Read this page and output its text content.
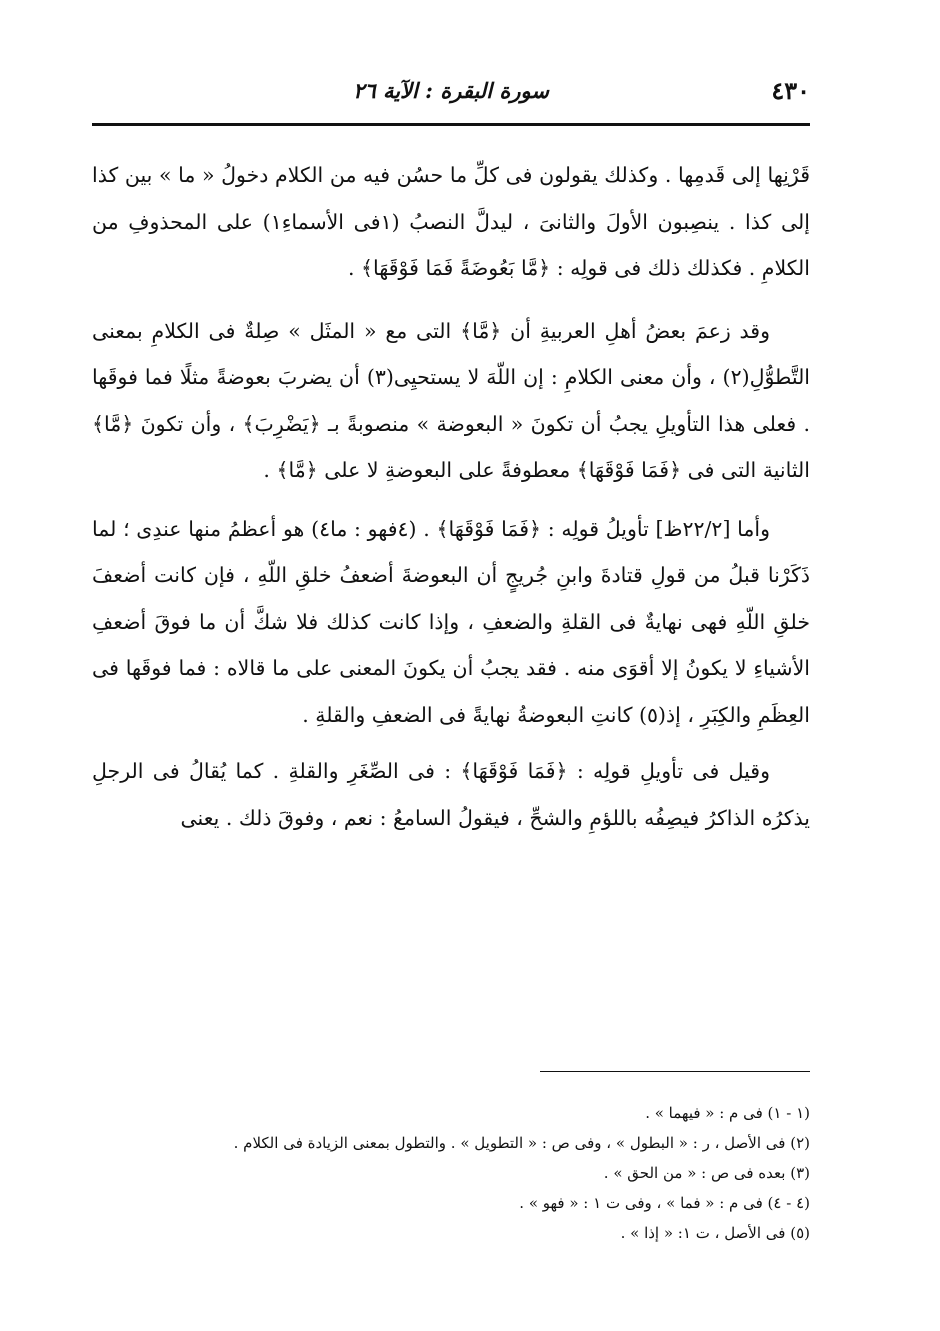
٤٣٠
سورة البقرة : الآية ٢٦

قَرْنِها إلى قَدمِها . وكذلك يقولون فى كلِّ ما حسُن فيه من الكلام دخولُ « ما » بين كذا إلى كذا . ينصِبون الأولَ والثانىَ ، ليدلَّ النصبُ (١فى الأسماءِ١) على المحذوفِ من الكلامِ . فكذلك ذلك فى قولِه : ﴿مَّا بَعُوضَةً فَمَا فَوْقَهَا﴾ .

وقد زعمَ بعضُ أهلِ العربيةِ أن ﴿مَّا﴾ التى مع « المثَل » صِلةٌ فى الكلامِ بمعنى التَّطوُّلِ(٢) ، وأن معنى الكلامِ : إن اللّهَ لا يستحيِى(٣) أن يضربَ بعوضةً مثلًا فما فوقَها . فعلى هذا التأويلِ يجبُ أن تكونَ « البعوضة » منصوبةً بـ ﴿يَضْرِبَ﴾ ، وأن تكونَ ﴿مَّا﴾ الثانية التى فى ﴿فَمَا فَوْقَهَا﴾ معطوفةً على البعوضةِ لا على ﴿مَّا﴾ .

وأما [٢٢/٢ظ] تأويلُ قولِه : ﴿فَمَا فَوْقَهَا﴾ . (٤فهو : ما٤) هو أعظمُ منها عندِى ؛ لما ذَكَرْنا قبلُ من قولِ قتادةَ وابنِ جُريجٍ أن البعوضةَ أضعفُ خلقِ اللّهِ ، فإن كانت أضعفَ خلقِ اللّهِ فهى نهايةٌ فى القلةِ والضعفِ ، وإذا كانت كذلك فلا شكَّ أن ما فوقَ أضعفِ الأشياءِ لا يكونُ إلا أقوَى منه . فقد يجبُ أن يكونَ المعنى على ما قالاه : فما فوقَها فى العِظَمِ والكِبَرِ ، إذ(٥) كانتِ البعوضةُ نهايةً فى الضعفِ والقلةِ .

وقيل فى تأويلِ قولِه : ﴿فَمَا فَوْقَهَا﴾ : فى الصِّغَرِ والقلةِ . كما يُقالُ فى الرجلِ يذكرُه الذاكرُ فيصِفُه باللؤمِ والشحِّ ، فيقولُ السامعُ : نعم ، وفوقَ ذلك . يعنى

(١ - ١) فى م : « فيهما » .

(٢) فى الأصل ، ر : « البطول » ، وفى ص : « التطويل » . والتطول بمعنى الزيادة فى الكلام .

(٣) بعده فى ص : « من الحق » .

(٤ - ٤) فى م : « فما » ، وفى ت ١ : « فهو » .

(٥) فى الأصل ، ت ١: « إذا » .
